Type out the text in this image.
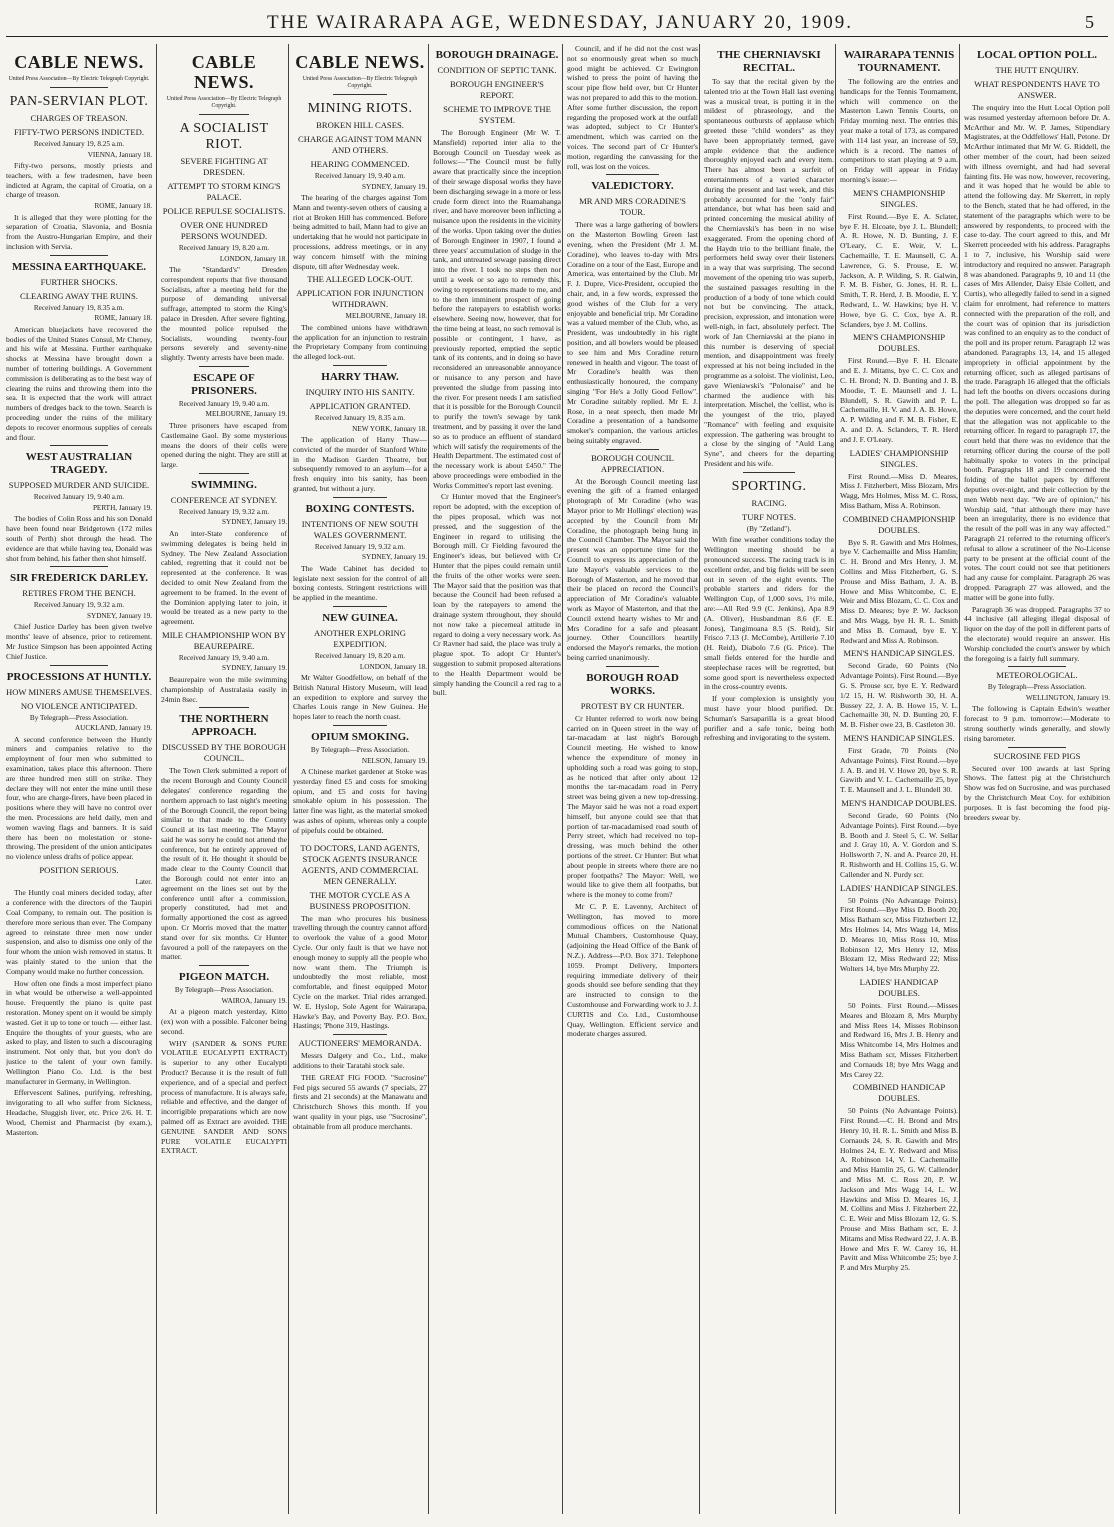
THE WAIRARAPA AGE, WEDNESDAY, JANUARY 20, 1909.	5
CABLE NEWS.
United Press Association—By Electric Telegraph Copyright.
PAN-SERVIAN PLOT.
CHARGES OF TREASON.
FIFTY-TWO PERSONS INDICTED.
Received January 19, 8.25 a.m.
VIENNA, January 18.

Fifty-two persons, mostly priests and teachers, with a few tradesmen, have been indicted at Agram, the capital of Croatia, on a charge of treason.

ROME, January 18.

It is alleged that they were plotting for the separation of Croatia, Slavonia, and Bosnia from the Austro-Hungarian Empire, and their inclusion with Servia.

MESSINA EARTHQUAKE.
FURTHER SHOCKS.
CLEARING AWAY THE RUINS.
Received January 19, 8.35 a.m.
ROME, January 18.

American bluejackets have recovered the bodies of the United States Consul, Mr Cheney, and his wife at Messina. Further earthquake shocks at Messina have brought down a number of tottering buildings. A Government commission is deliberating as to the best way of clearing the ruins and throwing them into the sea. It is expected that the work will attract numbers of dredges back to the town. Search is proceeding under the ruins of the military depots to recover enormous supplies of cereals and flour.

WEST AUSTRALIAN TRAGEDY.
SUPPOSED MURDER AND SUICIDE.
Received January 19, 9.40 a.m.
PERTH, January 19.

The bodies of Colin Ross and his son Donald have been found near Bridgetown (172 miles south of Perth) shot through the head. The evidence are that while having tea, Donald was shot from behind, his father then shot himself.

SIR FREDERICK DARLEY.
RETIRES FROM THE BENCH.
Received January 19, 9.32 a.m.
SYDNEY, January 19.

Chief Justice Darley has been given twelve months' leave of absence, prior to retirement. Mr Justice Simpson has been appointed Acting Chief Justice.

PROCESSIONS AT HUNTLY.
HOW MINERS AMUSE THEMSELVES.
NO VIOLENCE ANTICIPATED.
By Telegraph—Press Association.
AUCKLAND, January 19.

A second conference between the Huntly miners and companies relative to the employment of four men who submitted to examination, takes place this afternoon. There are three hundred men still on strike. They declare they will not enter the mine until these four, who are charge-firers, have been placed in positions where they will have no control over the men. Processions are held daily, men and women waving flags and banners. It is said there has been no molestation or stone-throwing. The president of the union anticipates no violence unless drafts of police appear.

POSITION SERIOUS.
Later.

The Huntly coal miners decided today, after a conference with the directors of the Taupiri Coal Company, to remain out. The position is therefore more serious than ever. The Company agreed to reinstate three men now under suspension, and also to dismiss one only of the four whom the union wish removed in status. It was plainly stated to the union that the Company would make no further concession.

How often one finds a most imperfect piano in what would be otherwise a well-appointed house. Frequently the piano is quite past restoration. Money spent on it would be simply wasted. Get it up to tone or touch — either last. Enquire the thoughts of your guests, who are asked to play, and listen to such a discouraging instrument. Not only that, but you don't do justice to the talent of your own family. Wellington Piano Co. Ltd. is the best manufacturer in Germany, in Wellington.

Effervescent Salines, purifying, refreshing, invigorating to all who suffer from Sickness, Headache, Sluggish liver, etc. Price 2/6. H. T. Wood, Chemist and Pharmacist (by exam.), Masterton.

CABLE NEWS.
United Press Association—By Electric Telegraph Copyright.
A SOCIALIST RIOT.
SEVERE FIGHTING AT DRESDEN.
ATTEMPT TO STORM KING'S PALACE.
POLICE REPULSE SOCIALISTS.
OVER ONE HUNDRED PERSONS WOUNDED.
Received January 19, 8.20 a.m.
LONDON, January 18.

The "Standard's" Dresden correspondent reports that five thousand Socialists, after a meeting held for the purpose of demanding universal suffrage, attempted to storm the King's palace in Dresden. After severe fighting, the mounted police repulsed the Socialists, wounding twenty-four persons severely and seventy-nine slightly. Twenty arrests have been made.

ESCAPE OF PRISONERS.
Received January 19, 9.40 a.m.
MELBOURNE, January 19.

Three prisoners have escaped from Castlemaine Gaol. By some mysterious means the doors of their cells were opened during the night. They are still at large.

SWIMMING.
CONFERENCE AT SYDNEY.
Received January 19, 9.32 a.m.
SYDNEY, January 19.

An inter-State conference of swimming delegates is being held in Sydney. The New Zealand Association cabled, regretting that it could not be represented at the conference. It was decided to omit New Zealand from the agreement to be framed. In the event of the Dominion applying later to join, it would be treated as a new party to the agreement.

MILE CHAMPIONSHIP WON BY BEAUREPAIRE.
Received January 19, 9.40 a.m.
SYDNEY, January 19.

Beaurepaire won the mile swimming championship of Australasia easily in 24min 8sec.

THE NORTHERN APPROACH.
DISCUSSED BY THE BOROUGH COUNCIL.

The Town Clerk submitted a report of the recent Borough and County Council delegates' conference regarding the northern approach to last night's meeting of the Borough Council, the report being similar to that made to the County Council at its last meeting. The Mayor said he was sorry he could not attend the conference, but he entirely approved of the result of it. He thought it should be made clear to the County Council that the Borough could not enter into an agreement on the lines set out by the conference until after a commission, properly constituted, had met and formally apportioned the cost as agreed upon. Cr Morris moved that the matter stand over for six months. Cr Hunter favoured a poll of the ratepayers on the matter.

PIGEON MATCH.
By Telegraph—Press Association.
WAIROA, January 19.

At a pigeon match yesterday, Kitto (ex) won with a possible. Falconer being second.

WHY (SANDER & SONS PURE VOLATILE EUCALYPTI EXTRACT) is superior to any other Eucalypti Product? Because it is the result of full experience, and of a special and perfect process of manufacture. It is always safe, reliable and effective, and the danger of incorrigible preparations which are now palmed off as Extract are avoided. THE GENUINE SANDER AND SONS PURE VOLATILE EUCALYPTI EXTRACT.

CABLE NEWS.
United Press Association—By Electric Telegraph Copyright.
MINING RIOTS.
BROKEN HILL CASES.
CHARGE AGAINST TOM MANN AND OTHERS.
HEARING COMMENCED.
Received January 19, 9.40 a.m.
SYDNEY, January 19.

The hearing of the charges against Tom Mann and twenty-seven others of causing a riot at Broken Hill has commenced. Before being admitted to bail, Mann had to give an undertaking that he would not participate in processions, address meetings, or in any way concern himself with the mining dispute, till after Wednesday week.

THE ALLEGED LOCK-OUT.
APPLICATION FOR INJUNCTION WITHDRAWN.
MELBOURNE, January 18.

The combined unions have withdrawn the application for an injunction to restrain the Proprietary Company from continuing the alleged lock-out.

HARRY THAW.
INQUIRY INTO HIS SANITY.
APPLICATION GRANTED.
Received January 19, 8.35 a.m.
NEW YORK, January 18.

The application of Harry Thaw—convicted of the murder of Stanford White in the Madison Garden Theatre, but subsequently removed to an asylum—for a fresh enquiry into his sanity, has been granted, but without a jury.

BOXING CONTESTS.
INTENTIONS OF NEW SOUTH WALES GOVERNMENT.
Received January 19, 9.32 a.m.
SYDNEY, January 19.

The Wade Cabinet has decided to legislate next session for the control of all boxing contests. Stringent restrictions will be applied in the meantime.

NEW GUINEA.
ANOTHER EXPLORING EXPEDITION.
Received January 19, 8.20 a.m.
LONDON, January 18.

Mr Walter Goodfellow, on behalf of the British Natural History Museum, will lead an expedition to explore and survey the Charles Louis range in New Guinea. He hopes later to reach the north coast.

OPIUM SMOKING.
By Telegraph—Press Association.
NELSON, January 19.

A Chinese market gardener at Stoke was yesterday fined £5 and costs for smoking opium, and £5 and costs for having smokable opium in his possession. The latter fine was light, as the material smoked was ashes of opium, whereas only a couple of pipefuls could be obtained.

TO DOCTORS, LAND AGENTS, STOCK AGENTS INSURANCE AGENTS, AND COMMERCIAL MEN GENERALLY.
THE MOTOR CYCLE AS A BUSINESS PROPOSITION.

The man who procures his business travelling through the country cannot afford to overlook the value of a good Motor Cycle. Our only fault is that we have not enough money to supply all the people who now want them. The Triumph is undoubtedly the most reliable, most comfortable, and finest equipped Motor Cycle on the market. Trial rides arranged. W. E. Hyslop, Sole Agent for Wairarapa, Hawke's Bay, and Poverty Bay. P.O. Box, Hastings; 'Phone 319, Hastings.

AUCTIONEERS' MEMORANDA.

Messrs Dalgety and Co., Ltd., make additions to their Taratahi stock sale.

THE GREAT FIG FOOD. "Sucrosine" Fed pigs secured 55 awards (7 specials, 27 firsts and 21 seconds) at the Manawatu and Christchurch Shows this month. If you want quality in your pigs, use "Sucrosine", obtainable from all produce merchants.

BOROUGH DRAINAGE.
CONDITION OF SEPTIC TANK.
BOROUGH ENGINEER'S REPORT.
SCHEME TO IMPROVE THE SYSTEM.

The Borough Engineer (Mr W. T. Mansfield) reported inter alia to the Borough Council on Tuesday week as follows:—"The Council must be fully aware that practically since the inception of their sewage disposal works they have been discharging sewage in a more or less crude form direct into the Ruamahanga river, and have moreover been inflicting a nuisance upon the residents in the vicinity of the works. Upon taking over the duties of Borough Engineer in 1907, I found a three years' accumulation of sludge in the tank, and untreated sewage passing direct into the river. I took no steps then nor until a week or so ago to remedy this, owing to representations made to me, and to the then imminent prospect of going before the ratepayers to establish works elsewhere. Seeing now, however, that for the time being at least, no such removal is possible or contingent, I have, as previously reported, emptied the septic tank of its contents, and in doing so have reconsidered an unreasonable annoyance or nuisance to any person and have prevented the sludge from passing into the river. For present needs I am satisfied that it is possible for the Borough Council to purify the town's sewage by tank treatment, and by passing it over the land so as to produce an effluent of standard which will satisfy the requirements of the Health Department. The estimated cost of the necessary work is about £450." The above proceedings were embodied in the Works Committee's report last evening.

Cr Hunter moved that the Engineer's report be adopted, with the exception of the pipes proposal, which was not pressed, and the suggestion of the Engineer in regard to utilising the Borough mill. Cr Fielding favoured the Engineer's ideas, but believed with Cr Hunter that the pipes could remain until the fruits of the other works were seen. The Mayor said that the position was that because the Council had been refused a loan by the ratepayers to amend the drainage system throughout, they should not now take a piecemeal attitude in regard to doing a very necessary work. As Cr Ravner had said, the place was truly a plague spot. To adopt Cr Hunter's suggestion to submit proposed alterations to the Health Department would be simply handing the Council a red rag to a bull.

Council, and if he did not the cost was not so enormously great when so much good might be achieved. Cr Ewington wished to press the point of having the scour pipe flow held over, but Cr Hunter was not prepared to add this to the motion. After some further discussion, the report regarding the proposed work at the outfall was adopted, subject to Cr Hunter's amendment, which was carried on the voices. The second part of Cr Hunter's motion, regarding the canvassing for the roll, was lost on the voices.

VALEDICTORY.
MR AND MRS CORADINE'S TOUR.

There was a large gathering of bowlers on the Masterton Bowling Green last evening, when the President (Mr J. M. Coradine), who leaves to-day with Mrs Coradine on a tour of the East, Europe and America, was entertained by the Club. Mr F. J. Dupre, Vice-President, occupied the chair, and, in a few words, expressed the good wishes of the Club for a very enjoyable and beneficial trip. Mr Coradine was a valued member of the Club, who, as President, was undoubtedly in his right position, and all bowlers would be pleased to see him and Mrs Coradine return renewed in health and vigour. The toast of Mr Coradine's health was then enthusiastically honoured, the company singing "For He's a Jolly Good Fellow". Mr Coradine suitably replied. Mr E. J. Rose, in a neat speech, then made Mr Coradine a presentation of a handsome smoker's companion, the various articles being suitably engraved.

BOROUGH COUNCIL APPRECIATION.

At the Borough Council meeting last evening the gift of a framed enlarged photograph of Mr Coradine (who was Mayor prior to Mr Hollings' election) was accepted by the Council from Mr Coradine, the photograph being hung in the Council Chamber. The Mayor said the present was an opportune time for the Council to express its appreciation of the late Mayor's valuable services to the Borough of Masterton, and he moved that their be placed on record the Council's appreciation of Mr Coradine's valuable work as Mayor of Masterton, and that the Council extend hearty wishes to Mr and Mrs Coradine for a safe and pleasant journey. Other Councillors heartily endorsed the Mayor's remarks, the motion being carried unanimously.

BOROUGH ROAD WORKS.
PROTEST BY CR HUNTER.

Cr Hunter referred to work now being carried on in Queen street in the way of tar-macadam at last night's Borough Council meeting. He wished to know whence the expenditure of money in upholding such a road was going to stop, as he noticed that after only about 12 months the tar-macadam road in Perry street was being given a new top-dressing. The Mayor said he was not a road expert himself, but anyone could see that that portion of tar-macadamised road south of Perry street, which had received no top-dressing, was much behind the other portions of the street. Cr Hunter: But what about people in streets where there are no proper footpaths? The Mayor: Well, we would like to give them all footpaths, but where is the money to come from?

Mr C. P. E. Lavenny, Architect of Wellington, has moved to more commodious offices on the National Mutual Chambers, Customhouse Quay, (adjoining the Head Office of the Bank of N.Z.). Address—P.O. Box 371. Telephone 1059. Prompt Delivery, Importers requiring immediate delivery of their goods should see before sending that they are instructed to consign to the Customhouse and Forwarding work to J. J. CURTIS and Co. Ltd., Customhouse Quay, Wellington. Efficient service and moderate charges assured.

THE CHERNIAVSKI RECITAL.

To say that the recital given by the talented trio at the Town Hall last evening was a musical treat, is putting it in the mildest of phraseology, and the spontaneous outbursts of applause which greeted these "child wonders" as they have been appropriately termed, gave ample evidence that the audience thoroughly enjoyed each and every item. There has almost been a surfeit of entertainments of a varied character during the present and last week, and this probably accounted for the "only fair" attendance, but what has been said and printed concerning the musical ability of the Cherniavski's has been in no wise exaggerated. From the opening chord of the Haydn trio to the brilliant finale, the performers held sway over their listeners in a way that was surprising. The second movement of the opening trio was superb, the sustained passages resulting in the production of a body of tone which could not but be convincing. The attack, precision, expression, and intonation were well-nigh, in fact, absolutely perfect. The work of Jan Cherniavski at the piano in this number is deserving of special mention, and disappointment was freely expressed at his not being included in the programme as a soloist. The violinist, Leo, gave Wieniawski's "Polonaise" and he charmed the audience with his interpretation. Mischel, the 'cellist, who is the youngest of the trio, played "Romance" with feeling and exquisite expression. The gathering was brought to a close by the singing of "Auld Lang Syne", and cheers for the departing President and his wife.

SPORTING.
RACING.
TURF NOTES.
(By "Zetland").

With fine weather conditions today the Wellington meeting should be a pronounced success. The racing track is in excellent order, and big fields will be seen out in seven of the eight events. The probable starters and riders for the Wellington Cup, of 1,000 sovs, 1½ mile, are:—All Red 9.9 (C. Jenkins), Apa 8.9 (A. Oliver), Husbandman 8.6 (F. E. Jones), Tangimoana 8.5 (S. Reid), Sir Frisco 7.13 (J. McCombe), Artillerie 7.10 (H. Reid), Diabolo 7.6 (G. Price). The small fields entered for the hurdle and steeplechase races will be regretted, but some good sport is nevertheless expected in the cross-country events.

If your complexion is unsightly you must have your blood purified. Dr. Schuman's Sarsaparilla is a great blood purifier and a safe tonic, being both refreshing and invigorating to the system.

WAIRARAPA TENNIS TOURNAMENT.

The following are the entries and handicaps for the Tennis Tournament, which will commence on the Masterton Lawn Tennis Courts, on Friday morning next. The entries this year make a total of 173, as compared with 114 last year, an increase of 59, which is a record. The names of competitors to start playing at 9 a.m. on Friday will appear in Friday morning's issue:—

MEN'S CHAMPIONSHIP SINGLES.

First Round.—Bye E. A. Sclater, bye F. H. Elcoate, bye J. L. Blundell; A. R. Howe, N. D. Bunting, J. F. O'Leary, C. E. Weir, V. L. Cachemaille, T. E. Maunsell, C. A. Lawrence, G. S. Prouse, E. W. Jackson, A. P. Wilding, S. R. Galwin, F. M. B. Fisher, G. Jones, H. R. L. Smith, T. R. Herd, J. B. Moodie, E. Y. Redward, L. W. Hawkins; bye H. V. Howe, bye G. C. Cox, bye A. R. Sclanders, bye J. M. Collins.

MEN'S CHAMPIONSHIP DOUBLES.

First Round.—Bye F. H. Elcoate and E. J. Mitams, bye C. C. Cox and C. H. Brond; N. D. Bunting and J. B. Moodie, T. E. Maunsell and J. L. Blundell, S. R. Gawith and P. L. Cachemaille, H. V. and J. A. B. Howe, A. P. Wilding and F. M. B. Fisher, E. A. and D. A. Sclanders, T. R. Herd and J. F. O'Leary.

LADIES' CHAMPIONSHIP SINGLES.

First Round.—Miss D. Meares, Miss J. Fitzherbert, Miss Blozam, Mrs Wagg, Mrs Holmes, Miss M. C. Ross, Miss Batham, Miss A. Robinson.

COMBINED CHAMPIONSHIP DOUBLES.

Bye S. R. Gawith and Mrs Holmes, bye V. Cachemaille and Miss Hamlin; C. H. Brond and Mrs Henry, J. M. Collins and Miss Fitzherbert, G. S. Prouse and Miss Batham, J. A. B. Howe and Miss Whitcombe, C. E. Weir and Miss Blozam, C. C. Cox and Miss D. Meares; bye P. W. Jackson and Mrs Wagg, bye H. R. L. Smith and Miss B. Cornaud, bye E. Y. Redward and Miss A. Robinson.

MEN'S HANDICAP SINGLES.

Second Grade, 60 Points (No Advantage Points). First Round.—Bye G. S. Prouse scr, bye E. Y. Redward 1/2 15, H. W. Rishworth 30, H. A. Bussey 22, J. A. B. Howe 15, V. L. Cachemaille 30, N. D. Bunting 20, F. M. B. Fisher owe 23, B. Castleton 30.

MEN'S HANDICAP SINGLES.

First Grade, 70 Points (No Advantage Points). First Round.—bye J. A. B. and H. V. Howe 20, bye S. R. Gawith and V. L. Cachemaille 25, bye T. E. Maunsell and J. L. Blundell 30.

MEN'S HANDICAP DOUBLES.

Second Grade, 60 Points (No Advantage Points). First Round.—bye B. Booth and J. Steel 5, C. W. Sellar and J. Gray 10, A. V. Gordon and S. Hollsworth 7, N. and A. Pearce 20, H. R. Rishworth and H. Collins 15, G. W. Callender and N. Purdy scr.

LADIES' HANDICAP SINGLES.

50 Points (No Advantage Points). First Round.—Bye Miss D. Booth 20; Miss Batham scr, Miss Fitzherbert 12, Mrs Holmes 14, Mrs Wagg 14, Miss D. Meares 10, Miss Ross 10, Miss Robinson 12, Mrs Henry 12, Miss Blozam 12, Miss Redward 22; Miss Wolters 14, bye Mrs Murphy 22.

LADIES' HANDICAP DOUBLES.

50 Points. First Round.—Misses Meares and Blozam 8, Mrs Murphy and Miss Rees 14, Misses Robinson and Redward 16, Mrs J. B. Henry and Miss Whitcombe 14, Mrs Holmes and Miss Batham scr, Misses Fitzherbert and Cornauds 18; bye Mrs Wagg and Mrs Carey 22.

COMBINED HANDICAP DOUBLES.

50 Points (No Advantage Points). First Round.—C. H. Brond and Mrs Henry 10, H. R. L. Smith and Miss B. Cornauds 24, S. R. Gawith and Mrs Holmes 24, E. Y. Redward and Miss A. Robinson 14, V. L. Cachemaille and Miss Hamlin 25, G. W. Callender and Miss M. C. Ross 20, P. W. Jackson and Mrs Wagg 14, L. W. Hawkins and Miss D. Meares 16, J. M. Collins and Miss J. Fitzherbert 22, C. E. Weir and Miss Blozam 12, G. S. Prouse and Miss Batham scr, E. J. Mitams and Miss Redward 22, J. A. B. Howe and Mrs F. W. Carey 16, H. Pavitt and Miss Whitcombe 25; bye J. P. and Mrs Murphy 25.

LOCAL OPTION POLL.
THE HUTT ENQUIRY.
WHAT RESPONDENTS HAVE TO ANSWER.

The enquiry into the Hutt Local Option poll was resumed yesterday afternoon before Dr. A. McArthur and Mr. W. P. James, Stipendiary Magistrates, at the Oddfellows' Hall, Petone. Dr McArthur intimated that Mr W. G. Riddell, the other member of the court, had been seized with illness overnight, and had had several fainting fits. He was now, however, recovering, and it was hoped that he would be able to attend the following day. Mr Skerrett, in reply to the Bench, stated that he had offered, in the statement of the paragraphs which were to be answered by respondents, to proceed with the case to-day. The court agreed to this, and Mr Skerrett proceeded with his address. Paragraphs 1 to 7, inclusive, his Worship said were introductory and required no answer. Paragraph 8 was abandoned. Paragraphs 9, 10 and 11 (the cases of Mrs Allender, Daisy Elsie Collett, and Curtis), who allegedly failed to send in a signed claim for enrolment, had reference to matters connected with the preparation of the roll, and the court was of opinion that its jurisdiction was confined to an enquiry as to the conduct of the poll and its proper return. Paragraph 12 was abandoned. Paragraphs 13, 14, and 15 alleged impropriety in official appointment by the returning officer, such as alleged partisans of the trade. Paragraph 16 alleged that the officials had left the booths on divers occasions during the poll. The allegation was dropped so far as the deputies were concerned, and the court held that the allegation was not applicable to the returning officer. In regard to paragraph 17, the court held that there was no evidence that the returning officer during the course of the poll habitually spoke to voters in the principal booth. Paragraphs 18 and 19 concerned the folding of the ballot papers by different deputies over-night, and their collection by the men Webb next day. "We are of opinion," his Worship said, "that although there may have been an irregularity, there is no evidence that the result of the poll was in any way affected." Paragraph 21 referred to the returning officer's refusal to allow a scrutineer of the No-License party to be present at the official count of the votes. The court could not see that petitioners had any cause for complaint. Paragraph 26 was dropped. Paragraph 27 was allowed, and the matter will be gone into fully.

Paragraph 36 was dropped. Paragraphs 37 to 44 inclusive (all alleging illegal disposal of liquor on the day of the poll in different parts of the electorate) would require an answer. His Worship concluded the court's answer by which the foregoing is a fairly full summary.

METEOROLOGICAL.
By Telegraph—Press Association.
WELLINGTON, January 19.

The following is Captain Edwin's weather forecast to 9 p.m. tomorrow:—Moderate to strong southerly winds generally, and slowly rising barometer.

SUCROSINE FED PIGS

Secured over 100 awards at last Spring Shows. The fattest pig at the Christchurch Show was fed on Sucrosine, and was purchased by the Christchurch Meat Coy. for exhibition purposes. It is fast becoming the food pig-breeders swear by.
